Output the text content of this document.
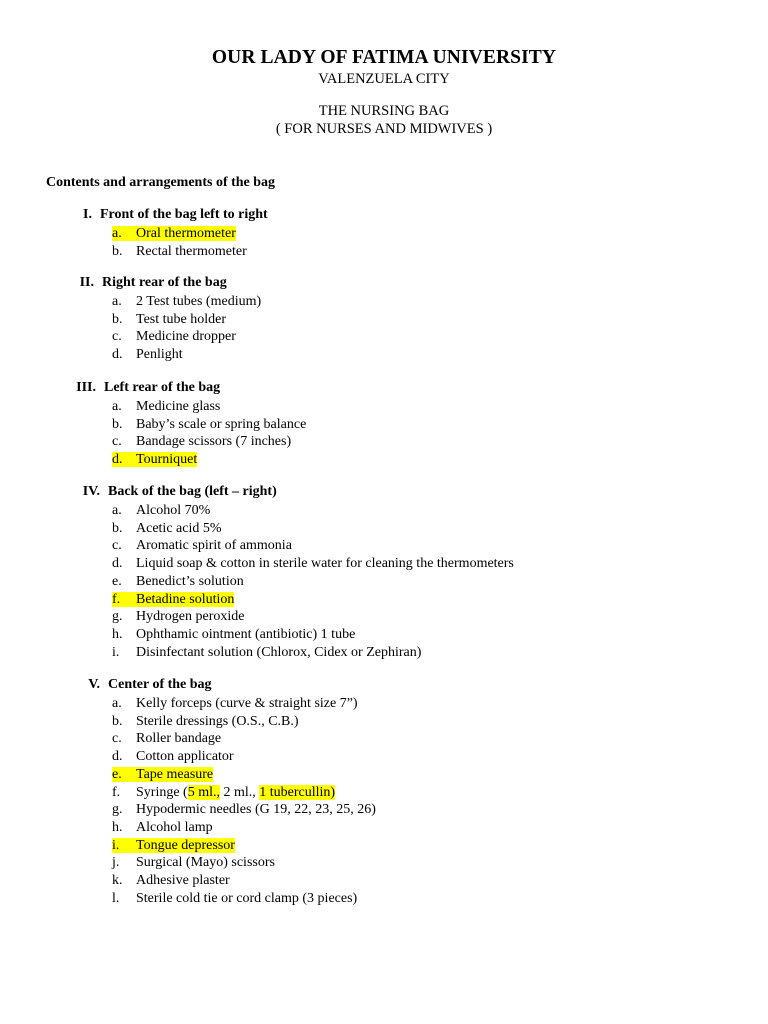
OUR LADY OF FATIMA UNIVERSITY
VALENZUELA CITY
THE NURSING BAG
( FOR NURSES AND MIDWIVES )
Contents and arrangements of the bag
I. Front of the bag left to right
a. Oral thermometer
b. Rectal thermometer
II. Right rear of the bag
a. 2 Test tubes (medium)
b. Test tube holder
c. Medicine dropper
d. Penlight
III. Left rear of the bag
a. Medicine glass
b. Baby’s scale or spring balance
c. Bandage scissors (7 inches)
d. Tourniquet
IV. Back of the bag (left – right)
a. Alcohol 70%
b. Acetic acid 5%
c. Aromatic spirit of ammonia
d. Liquid soap & cotton in sterile water for cleaning the thermometers
e. Benedict’s solution
f. Betadine solution
g. Hydrogen peroxide
h. Ophthamic ointment (antibiotic) 1 tube
i. Disinfectant solution (Chlorox, Cidex or Zephiran)
V. Center of the bag
a. Kelly forceps (curve & straight size 7”)
b. Sterile dressings (O.S., C.B.)
c. Roller bandage
d. Cotton applicator
e. Tape measure
f. Syringe (5 ml., 2 ml., 1 tubercullin)
g. Hypodermic needles (G 19, 22, 23, 25, 26)
h. Alcohol lamp
i. Tongue depressor
j. Surgical (Mayo) scissors
k. Adhesive plaster
l. Sterile cold tie or cord clamp (3 pieces)
